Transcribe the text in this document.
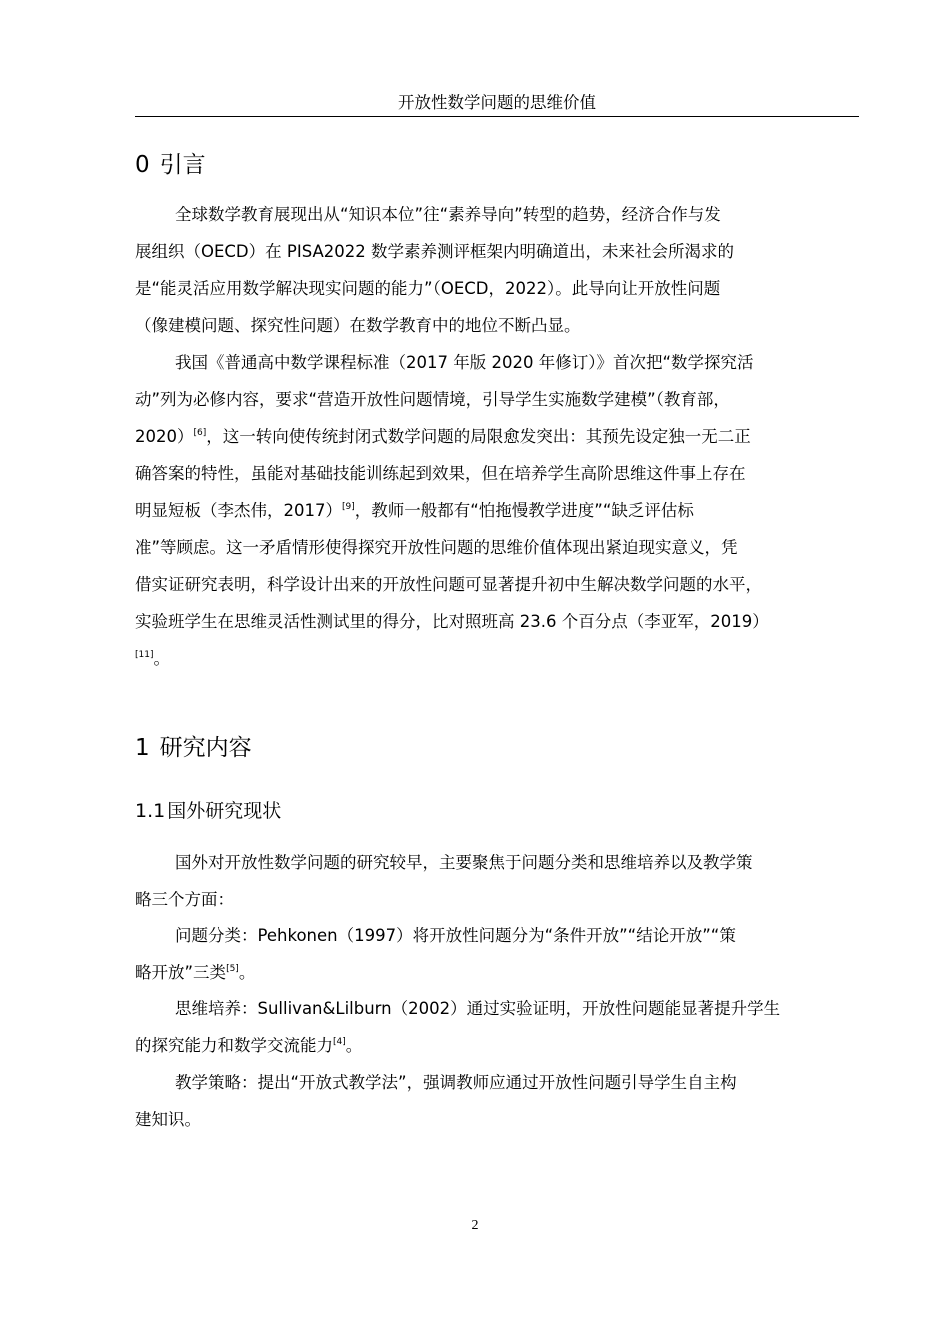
开放性数学问题的思维价值
0 引言

全球数学教育展现出从“知识本位”往“素养导向”转型的趋势，经济合作与发
展组织（OECD）在 PISA2022 数学素养测评框架内明确道出，未来社会所渴求的
是“能灵活应用数学解决现实问题的能力”（OECD，2022）。此导向让开放性问题
（像建模问题、探究性问题）在数学教育中的地位不断凸显。

我国《普通高中数学课程标准（2017 年版 2020 年修订）》首次把“数学探究活
动”列为必修内容，要求“营造开放性问题情境，引导学生实施数学建模”（教育部，
2020）[6]，这一转向使传统封闭式数学问题的局限愈发突出：其预先设定独一无二正
确答案的特性，虽能对基础技能训练起到效果，但在培养学生高阶思维这件事上存在
明显短板（李杰伟，2017）[9]，教师一般都有“怕拖慢教学进度”“缺乏评估标
准”等顾虑。这一矛盾情形使得探究开放性问题的思维价值体现出紧迫现实意义，凭
借实证研究表明，科学设计出来的开放性问题可显著提升初中生解决数学问题的水平，
实验班学生在思维灵活性测试里的得分，比对照班高 23.6 个百分点（李亚军，2019）
[11]。

1 研究内容
1.1 国外研究现状

国外对开放性数学问题的研究较早，主要聚焦于问题分类和思维培养以及教学策
略三个方面：

问题分类：Pehkonen（1997）将开放性问题分为“条件开放”“结论开放”“策
略开放”三类[5]。

思维培养：Sullivan&Lilburn（2002）通过实验证明，开放性问题能显著提升学生
的探究能力和数学交流能力[4]。

教学策略：提出“开放式教学法”，强调教师应通过开放性问题引导学生自主构
建知识。

2
